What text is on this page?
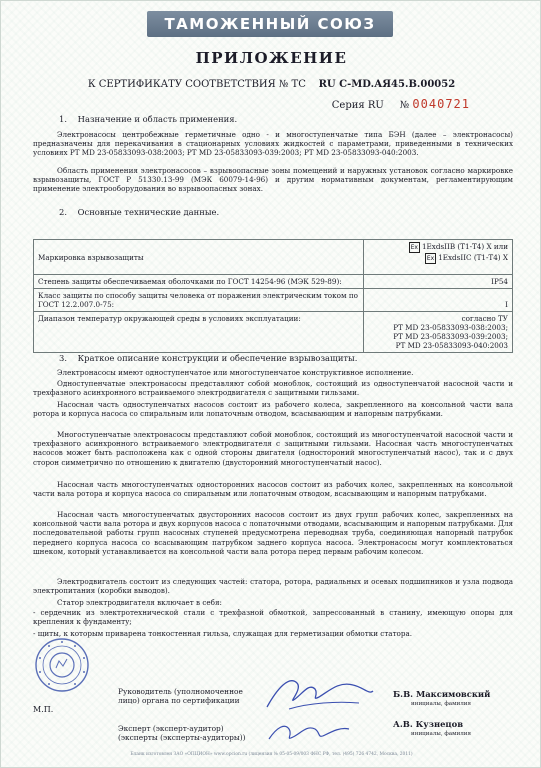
ТАМОЖЕННЫЙ СОЮЗ
ПРИЛОЖЕНИЕ
К СЕРТИФИКАТУ СООТВЕТСТВИЯ № ТС RU С-MD.АЯ45.В.00052
Серия RU № 0040721
1. Назначение и область применения.
Электронасосы центробежные герметичные одно - и многоступенчатые типа БЭН (далее – электронасосы) предназначены для перекачивания в стационарных условиях жидкостей с параметрами, приведенными в технических условиях РТ MD 23-05833093-038:2003; РТ MD 23-05833093-039:2003; РТ MD 23-05833093-040:2003.
Область применения электронасосов – взрывоопасные зоны помещений и наружных установок согласно маркировке взрывозащиты, ГОСТ Р 51330.13-99 (МЭК 60079-14-96) и другим нормативным документам, регламентирующим применение электрооборудования во взрывоопасных зонах.
2. Основные технические данные.
Маркировка взрывозащиты	Ex 1ExdsIIВ (Т1-Т4) Х или
Ex 1ExdsIIС (Т1-Т4) Х

Степень защиты обеспечиваемая оболочками по ГОСТ 14254-96 (МЭК 529-89):	IP54
Класс защиты по способу защиты человека от поражения электрическим током по ГОСТ 12.2.007.0-75:	I
Диапазон температур окружающей среды в условиях эксплуатации:	согласно ТУ
РТ MD 23-05833093-038:2003;
РТ MD 23-05833093-039:2003;
РТ MD 23-05833093-040:2003
3. Краткое описание конструкции и обеспечение взрывозащиты.
Электронасосы имеют одноступенчатое или многоступенчатое конструктивное исполнение.
Одноступенчатые электронасосы представляют собой моноблок, состоящий из одноступенчатой насосной части и трехфазного асинхронного встраиваемого электродвигателя с защитными гильзами.
Насосная часть одноступенчатых насосов состоит из рабочего колеса, закрепленного на консольной части вала ротора и корпуса насоса со спиральным или лопаточным отводом, всасывающим и напорным патрубками.
Многоступенчатые электронасосы представляют собой моноблок, состоящий из многоступенчатой насосной части и трехфазного асинхронного встраиваемого электродвигателя с защитными гильзами. Насосная часть многоступенчатых насосов может быть расположена как с одной стороны двигателя (одностороний многоступенчатый насос), так и с двух сторон симметрично по отношению к двигателю (двусторонний многоступенчатый насос).
Насосная часть многоступенчатых односторонних насосов состоит из рабочих колес, закрепленных на консольной части вала ротора и корпуса насоса со спиральным или лопаточным отводом, всасывающим и напорным патрубками.
Насосная часть многоступенчатых двусторонних насосов состоит из двух групп рабочих колес, закрепленных на консольной части вала ротора и двух корпусов насоса с лопаточными отводами, всасывающим и напорным патрубками. Для последовательной работы групп насосных ступеней предусмотрена переводная труба, соединяющая напорный патрубок переднего корпуса насоса со всасывающим патрубком заднего корпуса насоса. Электронасосы могут комплектоваться шнеком, который устанавливается на консольной части вала ротора перед первым рабочим колесом.
Электродвигатель состоит из следующих частей: статора, ротора, радиальных и осевых подшипников и узла подвода электропитания (коробки выводов).
Статор электродвигателя включает в себя:
- сердечник из электротехнической стали с трехфазной обмоткой, запрессованный в станину, имеющую опоры для крепления к фундаменту;
- щиты, к которым приварена тонкостенная гильза, служащая для герметизации обмотки статора.
Руководитель (уполномоченное
лицо) органа по сертификации
М.П.
Б.В. Максимовский
инициалы, фамилия
Эксперт (эксперт-аудитор)
(эксперты (эксперты-аудиторы))
А.В. Кузнецов
инициалы, фамилия
Бланк изготовлен ЗАО «ОПЦИОН» www.opcion.ru (лицензия № 05-05-09/003 ФНС РФ, тел. (495) 726 4742, Москва, 2011)
